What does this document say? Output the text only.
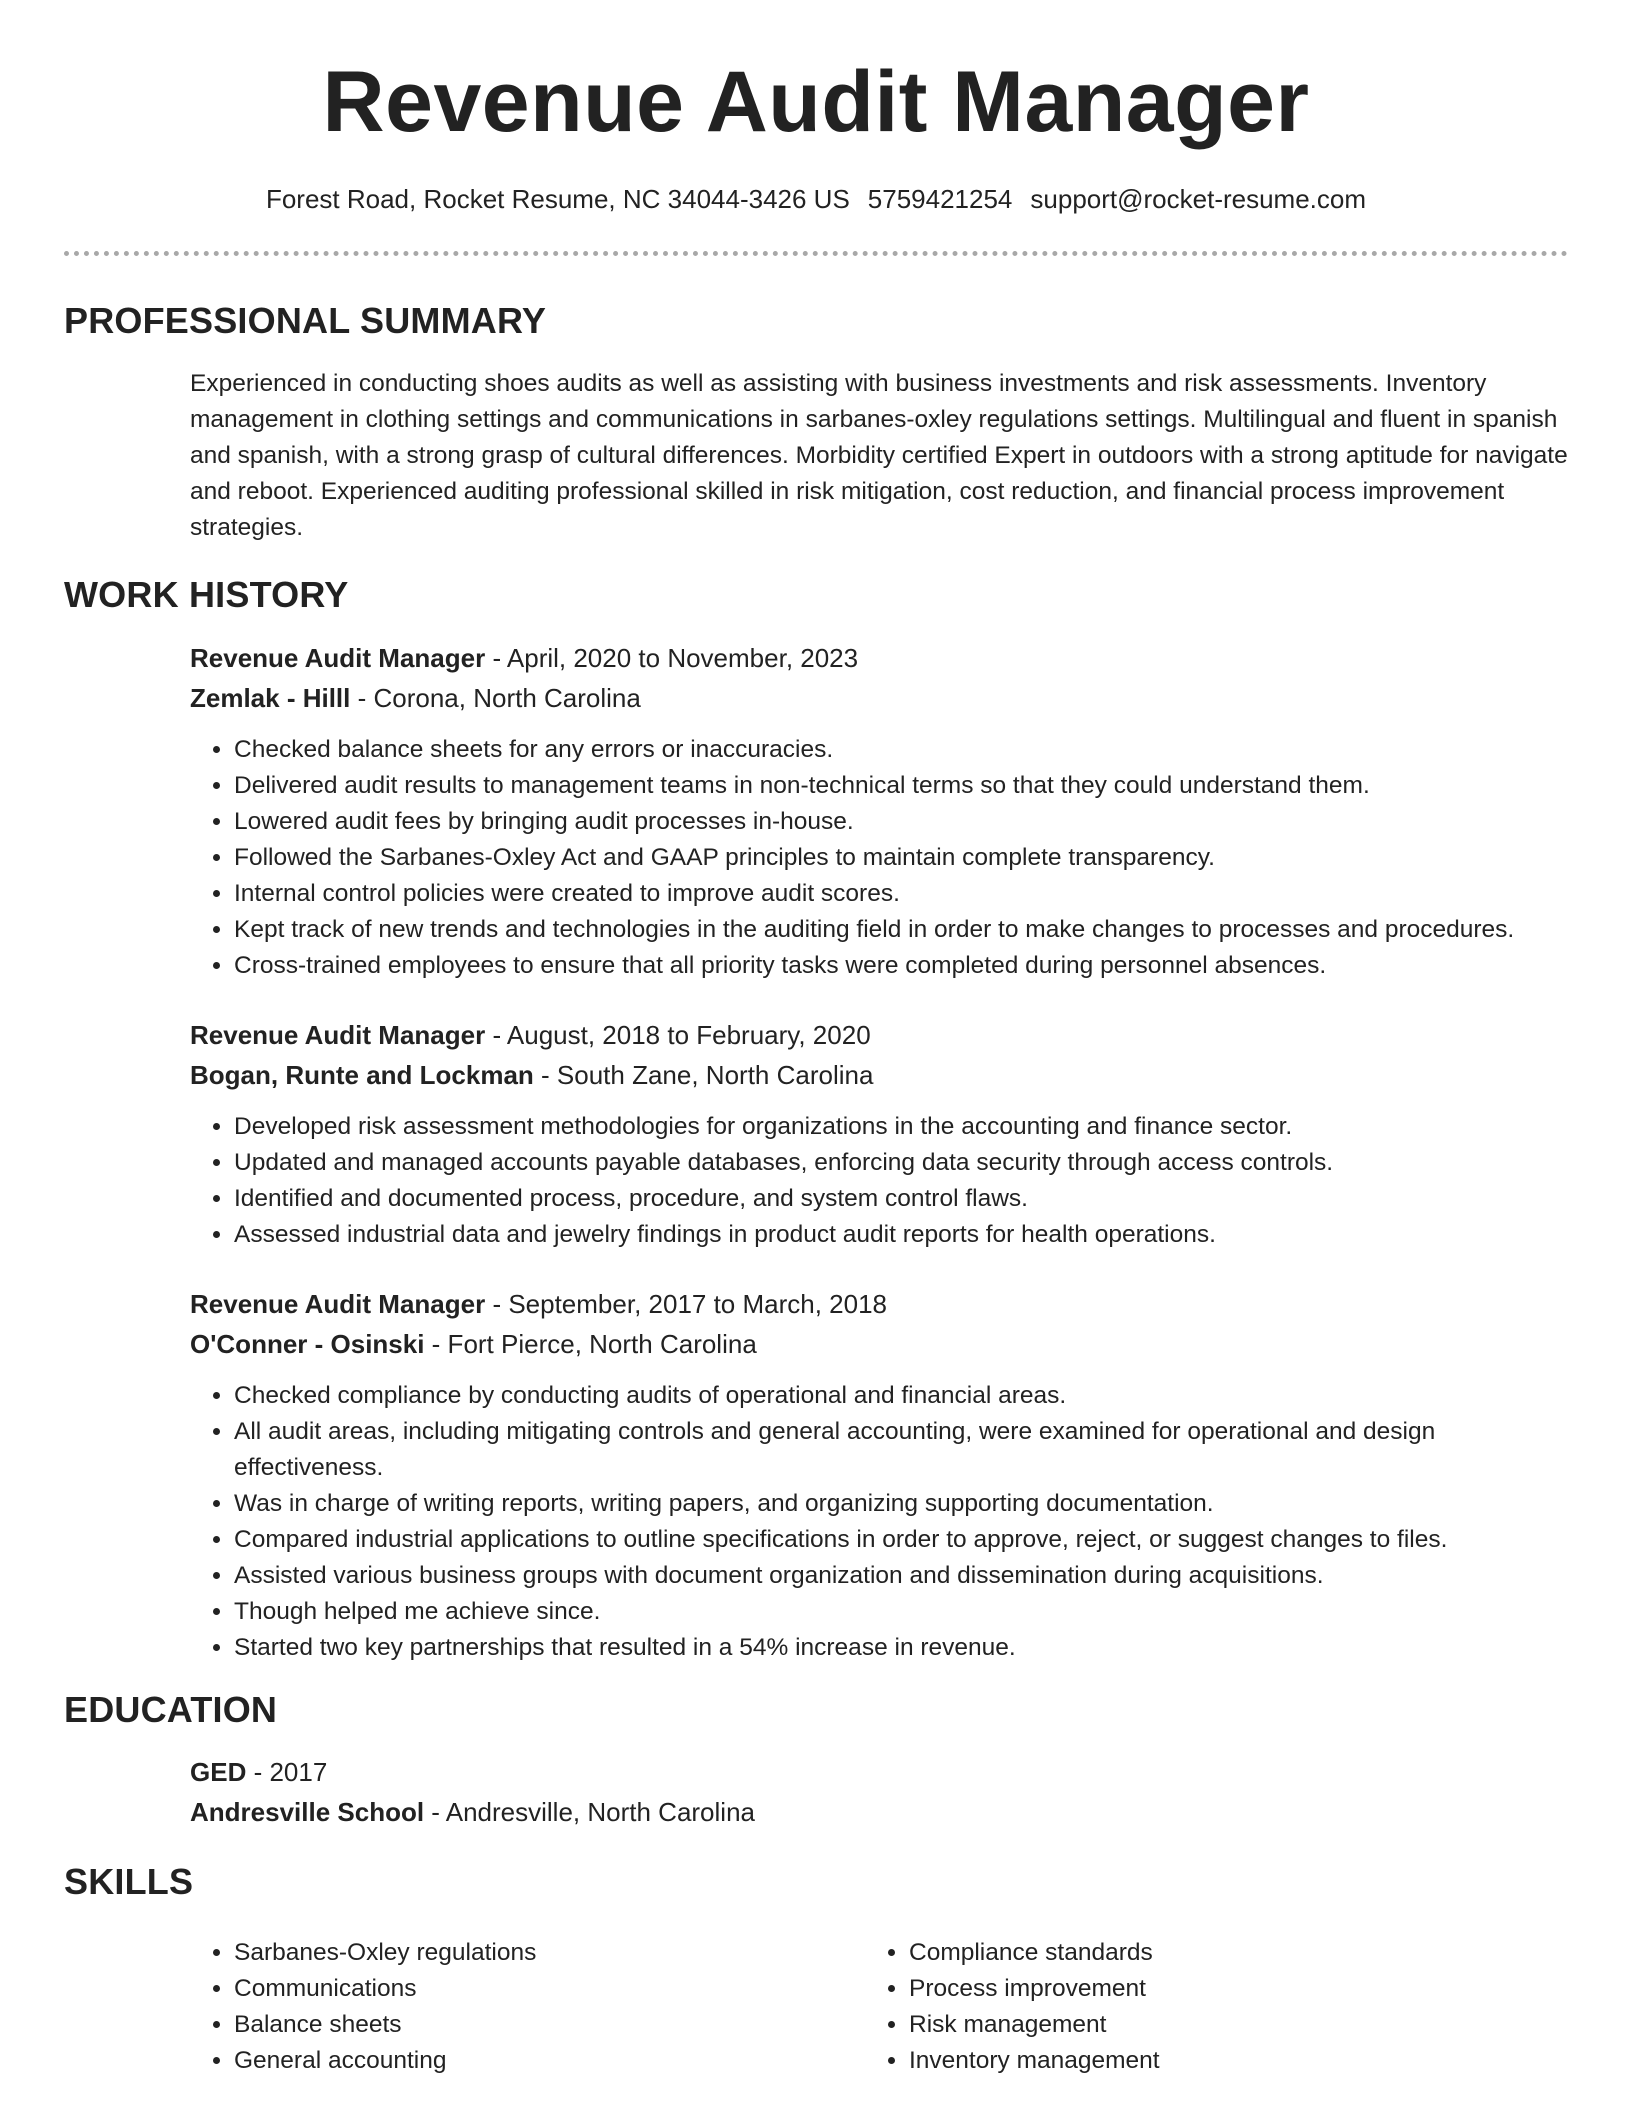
Revenue Audit Manager
Forest Road, Rocket Resume, NC 34044-3426 US 5759421254 support@rocket-resume.com
PROFESSIONAL SUMMARY

Experienced in conducting shoes audits as well as assisting with business investments and risk assessments. Inventory management in clothing settings and communications in sarbanes-oxley regulations settings. Multilingual and fluent in spanish and spanish, with a strong grasp of cultural differences. Morbidity certified Expert in outdoors with a strong aptitude for navigate and reboot. Experienced auditing professional skilled in risk mitigation, cost reduction, and financial process improvement strategies.

WORK HISTORY
Revenue Audit Manager - April, 2020 to November, 2023
Zemlak - Hilll - Corona, North Carolina
• Checked balance sheets for any errors or inaccuracies.
• Delivered audit results to management teams in non-technical terms so that they could understand them.
• Lowered audit fees by bringing audit processes in-house.
• Followed the Sarbanes-Oxley Act and GAAP principles to maintain complete transparency.
• Internal control policies were created to improve audit scores.
• Kept track of new trends and technologies in the auditing field in order to make changes to processes and procedures.
• Cross-trained employees to ensure that all priority tasks were completed during personnel absences.
Revenue Audit Manager - August, 2018 to February, 2020
Bogan, Runte and Lockman - South Zane, North Carolina
• Developed risk assessment methodologies for organizations in the accounting and finance sector.
• Updated and managed accounts payable databases, enforcing data security through access controls.
• Identified and documented process, procedure, and system control flaws.
• Assessed industrial data and jewelry findings in product audit reports for health operations.
Revenue Audit Manager - September, 2017 to March, 2018
O'Conner - Osinski - Fort Pierce, North Carolina
• Checked compliance by conducting audits of operational and financial areas.
• All audit areas, including mitigating controls and general accounting, were examined for operational and design effectiveness.
• Was in charge of writing reports, writing papers, and organizing supporting documentation.
• Compared industrial applications to outline specifications in order to approve, reject, or suggest changes to files.
• Assisted various business groups with document organization and dissemination during acquisitions.
• Though helped me achieve since.
• Started two key partnerships that resulted in a 54% increase in revenue.
EDUCATION
GED - 2017
Andresville School - Andresville, North Carolina
SKILLS
• Sarbanes-Oxley regulations
• Communications
• Balance sheets
• General accounting
• Compliance standards
• Process improvement
• Risk management
• Inventory management
